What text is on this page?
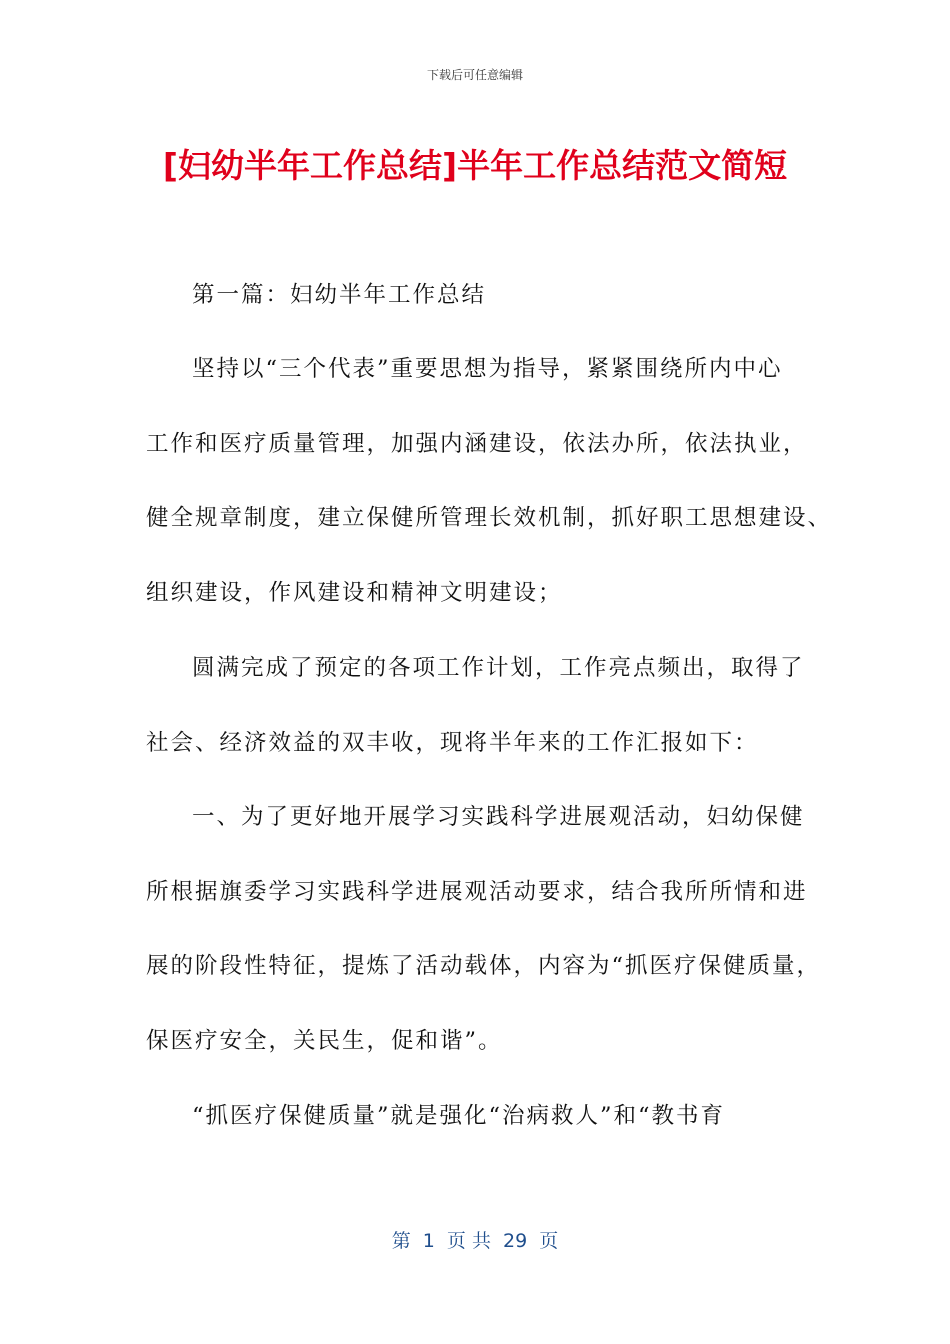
下载后可任意编辑
[妇幼半年工作总结]半年工作总结范文简短
第一篇：妇幼半年工作总结
坚持以“三个代表”重要思想为指导，紧紧围绕所内中心
工作和医疗质量管理，加强内涵建设，依法办所，依法执业，
健全规章制度，建立保健所管理长效机制，抓好职工思想建设、
组织建设，作风建设和精神文明建设；
圆满完成了预定的各项工作计划，工作亮点频出，取得了
社会、经济效益的双丰收，现将半年来的工作汇报如下：
一、为了更好地开展学习实践科学进展观活动，妇幼保健
所根据旗委学习实践科学进展观活动要求，结合我所所情和进
展的阶段性特征，提炼了活动载体，内容为“抓医疗保健质量，
保医疗安全，关民生，促和谐”。
“抓医疗保健质量”就是强化“治病救人”和“教书育
第  1  页 共  29  页
